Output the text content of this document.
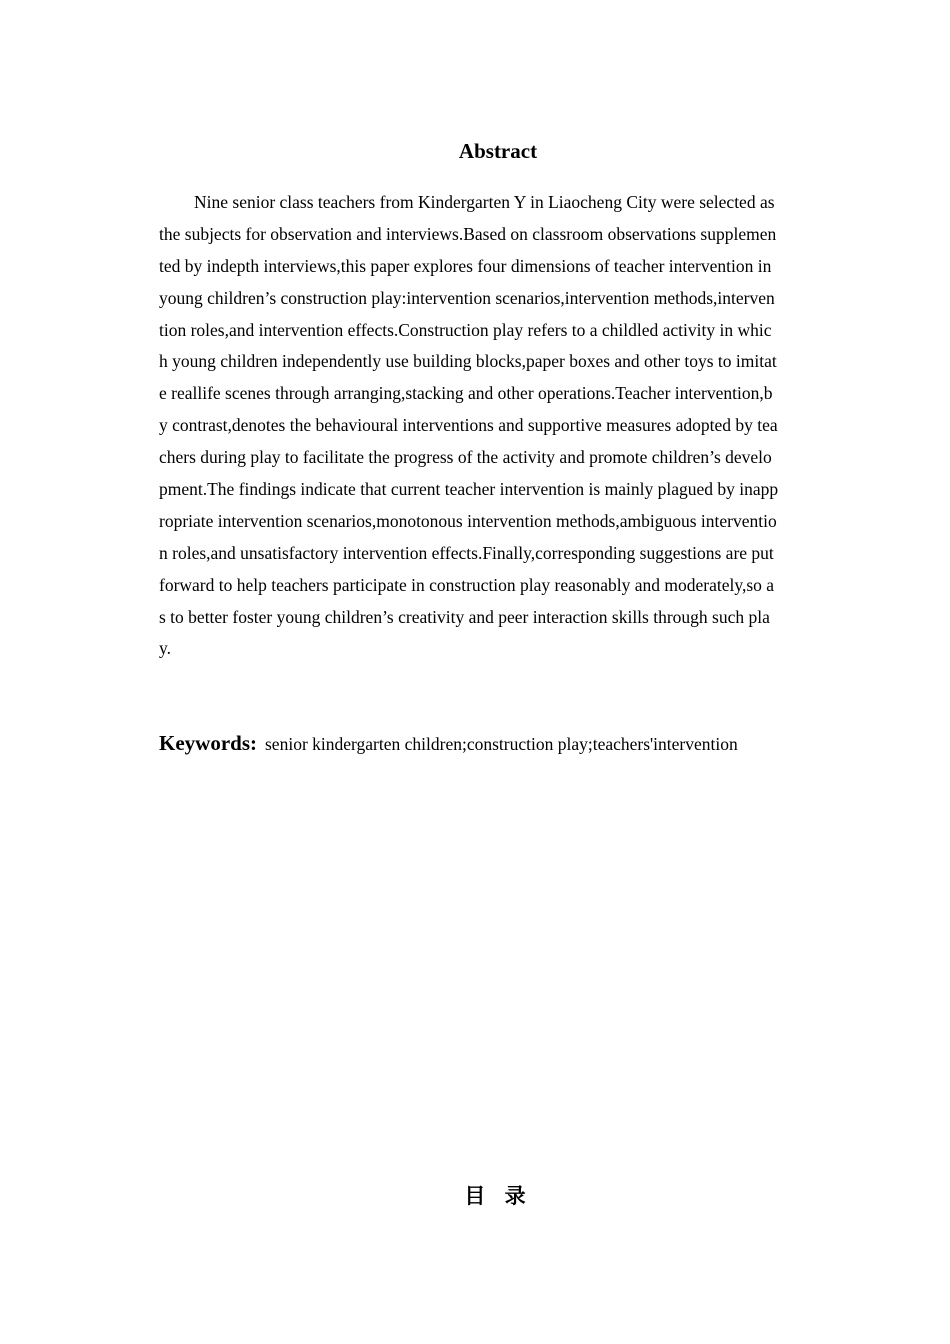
Abstract

Nine senior class teachers from Kindergarten Y in Liaocheng City were selected as
the subjects for observation and interviews.Based on classroom observations supplemen
ted by indepth interviews,this paper explores four dimensions of teacher intervention in
young children’s construction play:intervention scenarios,intervention methods,interven
tion roles,and intervention effects.Construction play refers to a childled activity in whic
h young children independently use building blocks,paper boxes and other toys to imitat
e reallife scenes through arranging,stacking and other operations.Teacher intervention,b
y contrast,denotes the behavioural interventions and supportive measures adopted by tea
chers during play to facilitate the progress of the activity and promote children’s develo
pment.The findings indicate that current teacher intervention is mainly plagued by inapp
ropriate intervention scenarios,monotonous intervention methods,ambiguous interventio
n roles,and unsatisfactory intervention effects.Finally,corresponding suggestions are put
forward to help teachers participate in construction play reasonably and moderately,so a
s to better foster young children’s creativity and peer interaction skills through such pla
y.

Keywords: senior kindergarten children;construction play;teachers'intervention
目 录
